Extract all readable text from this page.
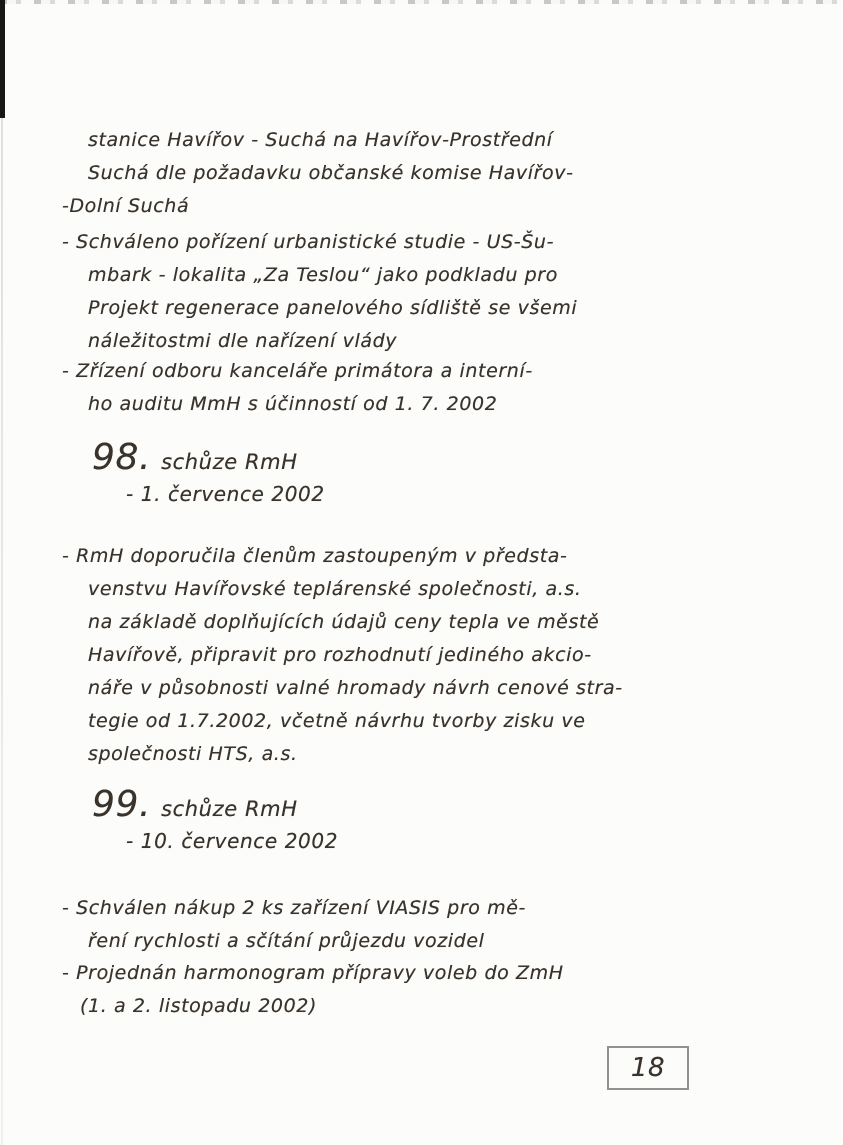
stanice Havířov - Suchá na Havířov-Prostřední
Suchá dle požadavku občanské komise Havířov-
-Dolní Suchá
- Schváleno pořízení urbanistické studie - US-Šu-
mbark - lokalita „Za Teslou“ jako podkladu pro
Projekt regenerace panelového sídliště se všemi
náležitostmi dle nařízení vlády
- Zřízení odboru kanceláře primátora a interní-
ho auditu MmH s účinností od 1. 7. 2002
98. schůze RmH
- 1. července 2002
- RmH doporučila členům zastoupeným v předsta-
venstvu Havířovské teplárenské společnosti, a.s.
na základě doplňujících údajů ceny tepla ve městě
Havířově, připravit pro rozhodnutí jediného akcio-
náře v působnosti valné hromady návrh cenové stra-
tegie od 1.7.2002, včetně návrhu tvorby zisku ve
společnosti HTS, a.s.
99. schůze RmH
- 10. července 2002
- Schválen nákup 2 ks zařízení VIASIS pro mě-
ření rychlosti a sčítání průjezdu vozidel
- Projednán harmonogram přípravy voleb do ZmH
(1. a 2. listopadu 2002)
18
